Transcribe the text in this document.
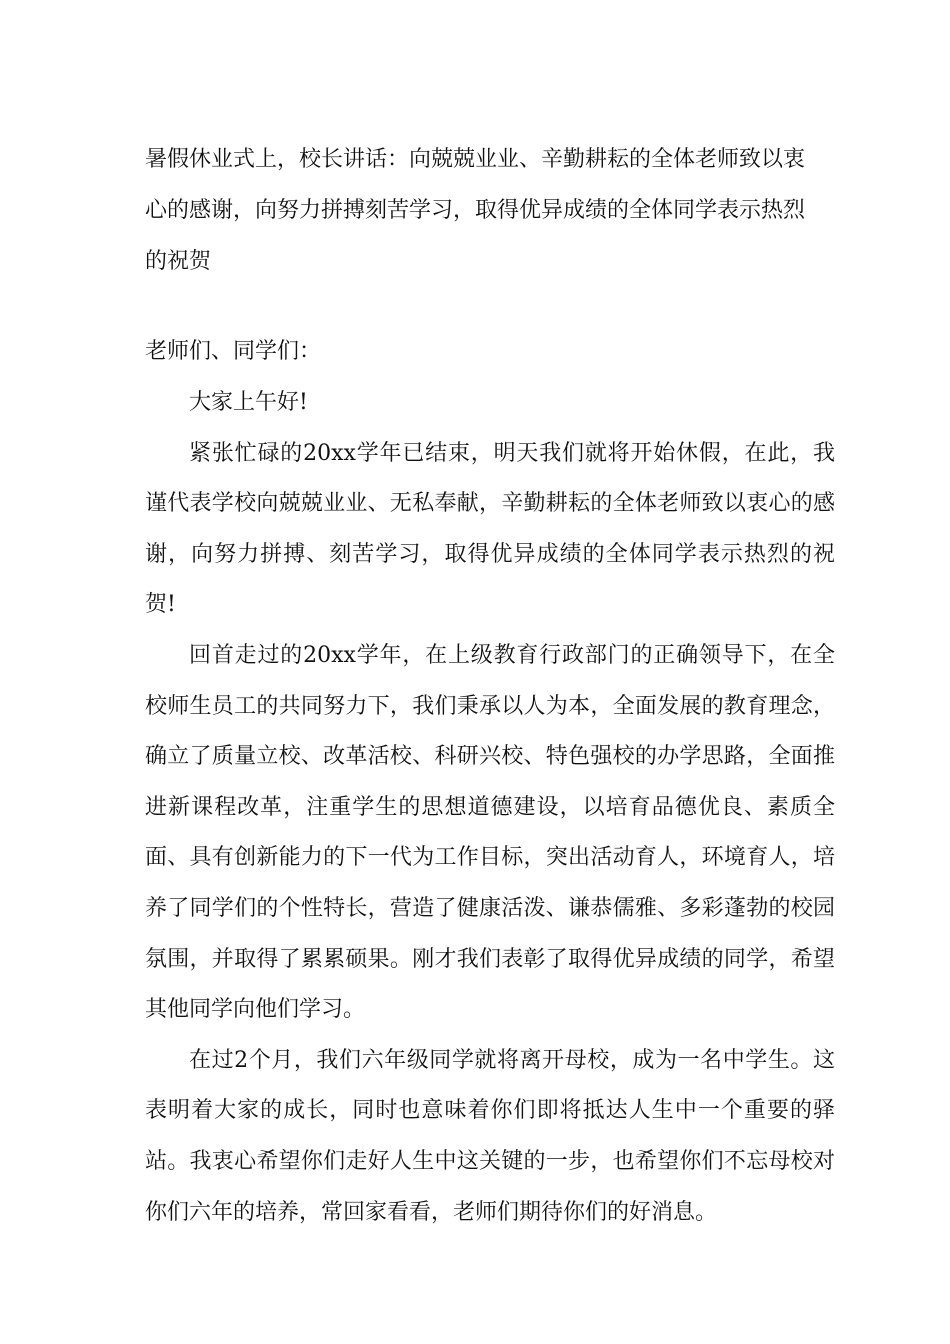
暑假休业式上，校长讲话：向兢兢业业、辛勤耕耘的全体老师致以衷心的感谢，向努力拼搏刻苦学习，取得优异成绩的全体同学表示热烈的祝贺

老师们、同学们：

大家上午好!

紧张忙碌的20xx学年已结束，明天我们就将开始休假，在此，我谨代表学校向兢兢业业、无私奉献，辛勤耕耘的全体老师致以衷心的感谢，向努力拼搏、刻苦学习，取得优异成绩的全体同学表示热烈的祝贺!

回首走过的20xx学年，在上级教育行政部门的正确领导下，在全校师生员工的共同努力下，我们秉承以人为本，全面发展的教育理念，确立了质量立校、改革活校、科研兴校、特色强校的办学思路，全面推进新课程改革，注重学生的思想道德建设，以培育品德优良、素质全面、具有创新能力的下一代为工作目标，突出活动育人，环境育人，培养了同学们的个性特长，营造了健康活泼、谦恭儒雅、多彩蓬勃的校园氛围，并取得了累累硕果。刚才我们表彰了取得优异成绩的同学，希望其他同学向他们学习。

在过2个月，我们六年级同学就将离开母校，成为一名中学生。这表明着大家的成长，同时也意味着你们即将抵达人生中一个重要的驿站。我衷心希望你们走好人生中这关键的一步，也希望你们不忘母校对你们六年的培养，常回家看看，老师们期待你们的好消息。
